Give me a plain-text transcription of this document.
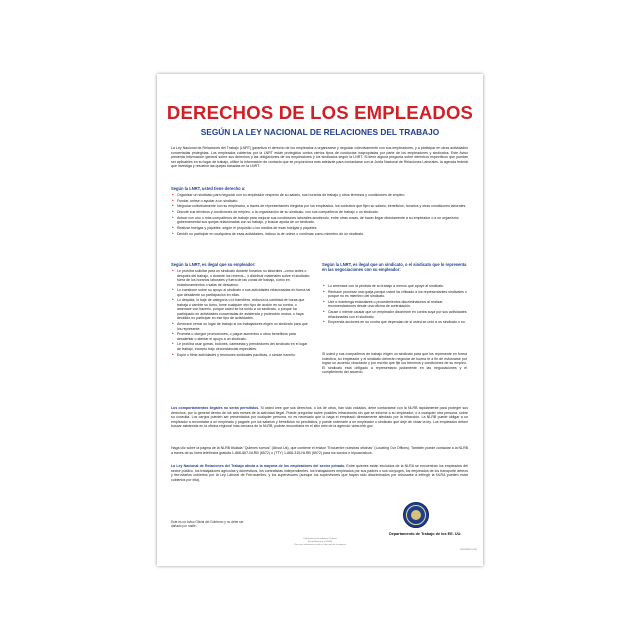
DERECHOS DE LOS EMPLEADOS
SEGÚN LA LEY NACIONAL DE RELACIONES DEL TRABAJO
La Ley Nacional de Relaciones del Trabajo (LNRT) garantiza el derecho de los empleados a organizarse y negociar colectivamente con sus empleadores, y a participar en otras actividades concertadas protegidas. Los empleados cubiertos por la LNRT están protegidos contra ciertos tipos de conductas inapropiadas por parte de los empleadores y sindicatos. Este Aviso presenta información general sobre sus derechos y las obligaciones de los empleadores y los sindicatos según la LNRT. Si tiene alguna pregunta sobre derechos específicos que puedan ser aplicables en su lugar de trabajo, utilice la información de contacto que se proporciona más adelante para contactarse con la Junta Nacional de Relaciones Laborales, la agencia federal que investiga y resuelve las quejas basadas en la LNRT.
Según la LNRT, usted tiene derecho a:
• Organizar un sindicato para negociar con su empleador respecto de su salario, sus horarios de trabajo y otros términos y condiciones de empleo.
• Fundar, unirse o ayudar a un sindicato.
• Negociar colectivamente con su empleador, a través de representantes elegidos por los empleados, los contratos que fijen su salario, beneficios, horarios y otras condiciones laborales.
• Discutir sus términos y condiciones de empleo, o la organización de su sindicato, con sus compañeros de trabajo o un sindicato.
• Actuar con uno o más compañeros de trabajo para mejorar sus condiciones laborales acudiendo, entre otras cosas, de hacer llegar directamente a su empleador o a un organismo gubernamental sus quejas relacionadas con su trabajo, y buscar ayuda de un sindicato.
• Realizar huelgas y piquetes, según el propósito o los medios de esas huelgas y piquetes.
• Decidir no participar en cualquiera de esas actividades, incluso la de unirse o continuar como miembro de un sindicato.
Según la LNRT, es ilegal que su empleador:
• Le prohíba solicitar para un sindicato durante horarios no laborales –como antes o después del trabajo, o durante los recreos–, o distribuir materiales sobre el sindicato fuera de los horarios laborales y fuera de las zonas de trabajo, como en estacionamientos o salas de descanso.
• Lo cuestione sobre su apoyo al sindicato o sus actividades relacionadas en forma tal que desaliente su participación en ellas.
• Lo despida, lo baje de categoría o lo transfiera, reduzca la cantidad de horas que trabaja o cambie su turno, tome cualquier otro tipo de acción en su contra, o amenace con hacerlo, porque usted se ha unido a un sindicato, o porque ha participado en actividades concertadas de asistencia y protección mutua, o haya decidido no participar en ese tipo de actividades.
• Amenace cerrar su lugar de trabajo si los trabajadores eligen un sindicato para que los represente.
• Prometa u otorgue promociones, o pague aumentos u otros beneficios para desalentar o alentar el apoyo a un sindicato.
• Le prohíba usar gorras, botones, camisetas y prendedores del sindicato en el lugar de trabajo, excepto bajo circunstancias especiales.
• Espíe o filme actividades y reuniones sindicales pacíficas, o simule hacerlo.
Según la LNRT, es ilegal que un sindicato, o el sindicato que lo representa en las negociaciones con su empleador:
• Lo amenace con la pérdida de su trabajo a menos que apoye al sindicato.
• Rechace procesar una queja porque usted ha criticado a los representantes sindicales o porque no es miembro del sindicato.
• Use o mantenga estándares o procedimientos discriminatorios al realizar recomendaciones desde una oficina de contratación.
• Cause o intente causar que un empleador discrimine en contra suya por sus actividades relacionadas con el sindicato.
• Emprenda acciones en su contra que dependan de si usted se unió a un sindicato o no.
Si usted y sus compañeros de trabajo eligen un sindicato para que los represente en forma colectiva, su empleador y el sindicato deberán negociar de buena fe a fin de esforzarse por lograr un acuerdo vinculante y por escrito que fije los términos y condiciones de su empleo. El sindicato está obligado a representarlo justamente en las negociaciones y el cumplimiento del acuerdo.
Los comportamientos ilegales no serán permitidos. Si usted cree que sus derechos, o los de otros, han sido violados, debe contactarse con la NLRB rápidamente para proteger sus derechos, por lo general dentro de los seis meses de la actividad ilegal. Puede preguntar sobre posibles infracciones sin que se informe a su empleador, o a cualquier otra persona, sobre su consulta. Los cargos pueden ser presentados por cualquier persona, no es necesario que lo haga el empleado directamente afectado por la infracción. La NLRB puede obligar a un empleador a recontratar a un empleado y pagarle por los salarios y beneficios no percibidos, y puede ordenarle a un empleador o sindicato que deje de violar la ley. Los empleados deben buscar asistencia en la oficina regional más cercana de la NLRB, podrán encontrarla en el sitio web de la agencia: www.nlrb.gov.
Haga clic sobre la página de la NLRB titulada "Quienes somos" (About Us), que contiene el enlace "Encuentre nuestras oficinas" (Locating Our Offices). También puede contactar a la NLRB a través de su línea telefónica gratuita 1-866-667-NLRB (6572) o (TTY) 1-866-315-NLRB (6572) para los sordos e hipoacúsicos.
La Ley Nacional de Relaciones del Trabajo afecta a la mayoría de los empleadores del sector privado. Entre quienes están excluidos de la NLRA se encuentran los empleados del sector público, los trabajadores agrícolas y domésticos, los contratistas independientes, los trabajadores empleados por sus padres o sus cónyuges, los empleados de los transporte aéreos y ferroviarios cubiertos por la Ley Laboral de Ferrocarriles, y los supervisores (aunque los supervisores que hayan sido discriminados por rehusarse a infringir la NLRA pueden estar cubiertos por ella).
Este es un Aviso Oficial del Gobierno y no debe ser dañado por nadie.
Departamento de Trabajo de los EE. UU.
Publicado por el Gobierno Federal
Respaldado por el NLRB
Para más información visite el sitio web de la agencia
WH1088SP-0110
